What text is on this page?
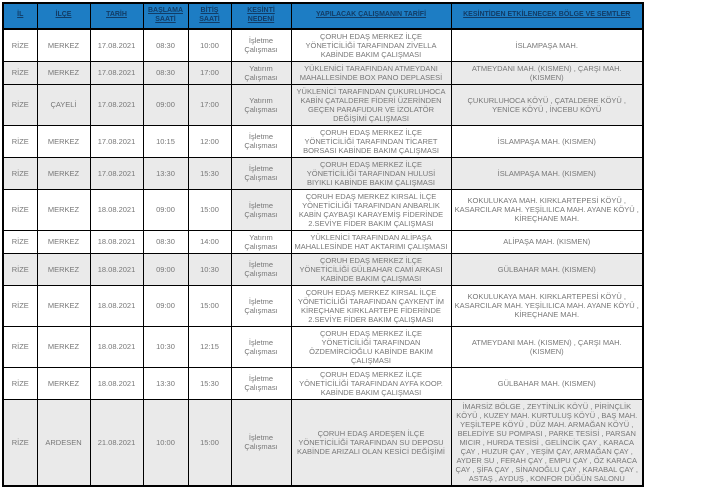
İL	İLÇE	TARİH	BAŞLAMA SAATİ	BİTİŞ SAATİ	KESİNTİ NEDENİ	YAPILACAK ÇALIŞMANIN TARİFİ	KESİNTİDEN ETKİLENECEK BÖLGE VE SEMTLER
RİZE	MERKEZ	17.08.2021	08:30	10:00	İşletme Çalışması	ÇORUH EDAŞ MERKEZ İLÇE YÖNETİCİLİĞİ TARAFINDAN ZİVELLA KABİNDE BAKIM ÇALIŞMASI	İSLAMPAŞA MAH.
RİZE	MERKEZ	17.08.2021	08:30	17:00	Yatırım Çalışması	YÜKLENİCİ TARAFINDAN ATMEYDANI MAHALLESİNDE BOX PANO DEPLASESİ	ATMEYDANI MAH. (KISMEN) , ÇARŞI MAH. (KISMEN)
RİZE	ÇAYELİ	17.08.2021	09:00	17:00	Yatırım Çalışması	YÜKLENİCİ TARAFINDAN ÇUKURLUHOCA KABİN ÇATALDERE FİDERİ ÜZERİNDEN GEÇEN PARAFUDUR VE İZOLATÖR DEĞİŞİMİ ÇALIŞMASI	ÇUKURLUHOCA KÖYÜ , ÇATALDERE KÖYÜ , YENİCE KÖYÜ , İNCEBU KÖYÜ
RİZE	MERKEZ	17.08.2021	10:15	12:00	İşletme Çalışması	ÇORUH EDAŞ MERKEZ İLÇE YÖNETİCİLİĞİ TARAFINDAN TİCARET BORSASI KABİNDE BAKIM ÇALIŞMASI	İSLAMPAŞA MAH. (KISMEN)
RİZE	MERKEZ	17.08.2021	13:30	15:30	İşletme Çalışması	ÇORUH EDAŞ MERKEZ İLÇE YÖNETİCİLİĞİ TARAFINDAN HULUSİ BIYIKLI KABİNDE BAKIM ÇALIŞMASI	İSLAMPAŞA MAH. (KISMEN)
RİZE	MERKEZ	18.08.2021	09:00	15:00	İşletme Çalışması	ÇORUH EDAŞ MERKEZ KIRSAL İLÇE YÖNETİCİLİĞİ TARAFINDAN ANBARLIK KABİN ÇAYBAŞI KARAYEMİŞ FİDERİNDE 2.SEVİYE FİDER BAKIM ÇALIŞMASI	KOKULUKAYA MAH. KIRKLARTEPESİ KÖYÜ , KASARCILAR MAH. YEŞİLILICA MAH. AYANE KÖYÜ , KİREÇHANE MAH.
RİZE	MERKEZ	18.08.2021	08:30	14:00	Yatırım Çalışması	YÜKLENİCİ TARAFINDAN ALİPAŞA MAHALLESİNDE HAT AKTARIMI ÇALIŞMASI	ALİPAŞA MAH. (KISMEN)
RİZE	MERKEZ	18.08.2021	09:00	10:30	İşletme Çalışması	ÇORUH EDAŞ MERKEZ İLÇE YÖNETİCİLİĞİ GÜLBAHAR CAMİ ARKASI KABİNDE BAKIM ÇALIŞMASI	GÜLBAHAR MAH. (KISMEN)
RİZE	MERKEZ	18.08.2021	09:00	15:00	İşletme Çalışması	ÇORUH EDAŞ MERKEZ KIRSAL İLÇE YÖNETİCİLİĞİ TARAFINDAN ÇAYKENT İM KİREÇHANE KIRKLARTEPE FİDERİNDE 2.SEVİYE FİDER BAKIM ÇALIŞMASI	KOKULUKAYA MAH. KIRKLARTEPESİ KÖYÜ , KASARCILAR MAH. YEŞİLILICA MAH. AYANE KÖYÜ , KİREÇHANE MAH.
RİZE	MERKEZ	18.08.2021	10:30	12:15	İşletme Çalışması	ÇORUH EDAŞ MERKEZ İLÇE YÖNETİCİLİĞİ TARAFINDAN ÖZDEMİRCİOĞLU KABİNDE BAKIM ÇALIŞMASI	ATMEYDANI MAH. (KISMEN) , ÇARŞI MAH. (KISMEN)
RİZE	MERKEZ	18.08.2021	13:30	15:30	İşletme Çalışması	ÇORUH EDAŞ MERKEZ İLÇE YÖNETİCİLİĞİ TARAFINDAN AYFA KOOP. KABİNDE BAKIM ÇALIŞMASI	GÜLBAHAR MAH. (KISMEN)
RİZE	ARDESEN	21.08.2021	10:00	15:00	İşletme Çalışması	ÇORUH EDAŞ ARDEŞEN İLÇE YÖNETİCİLİĞİ TARAFINDAN SU DEPOSU KABİNDE ARIZALI OLAN KESİCİ DEĞİŞİMİ	İMARSİZ BÖLGE , ZEYTİNLİK KÖYÜ , PİRİNÇLİK KÖYÜ , KUZEY MAH. KURTULUŞ KÖYÜ , BAŞ MAH. YEŞİLTEPE KÖYÜ , DÜZ MAH. ARMAĞAN KÖYÜ , BELEDİYE SU POMPASI , PARKE TESİSİ , PARSAN MICIR , HURDA TESİSİ , GELİNCİK ÇAY , KARACA ÇAY , HUZUR ÇAY , YEŞİM ÇAY, ARMAĞAN ÇAY , AYDER SU , FERAH ÇAY , EMPU ÇAY , ÖZ KARACA ÇAY , ŞİFA ÇAY , SİNANOĞLU ÇAY , KARABAL ÇAY , ASTAŞ , AYDUŞ , KONFOR DÜĞÜN SALONU
